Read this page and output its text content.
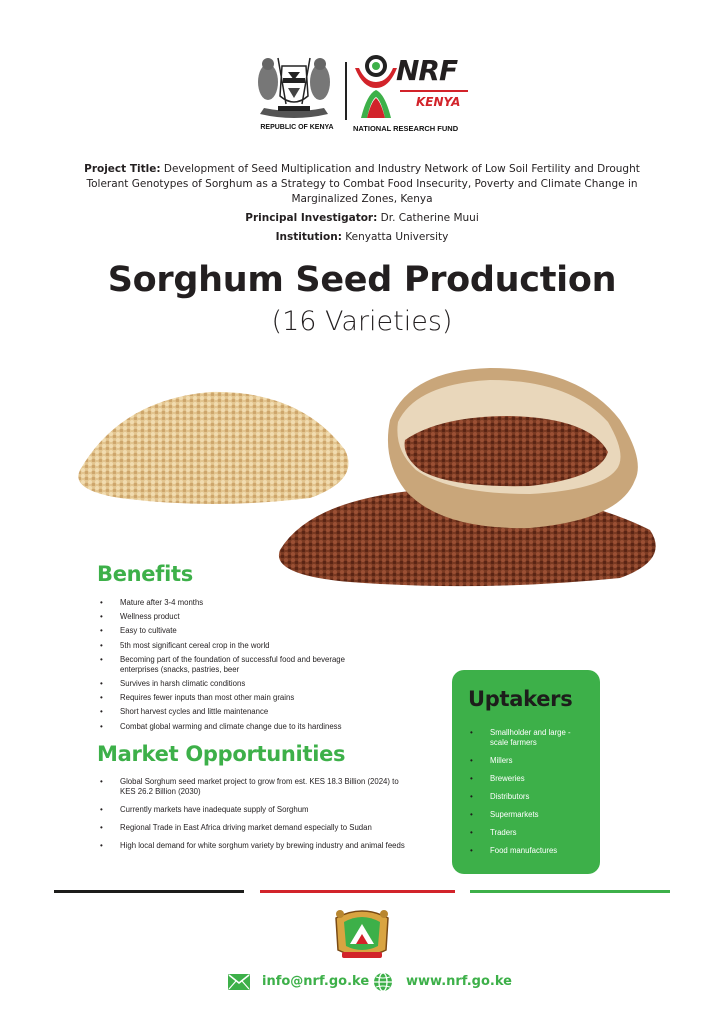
REPUBLIC OF KENYA
NRF
KENYA
NATIONAL RESEARCH FUND
Project Title: Development of Seed Multiplication and Industry Network of Low Soil Fertility and Drought Tolerant Genotypes of Sorghum as a Strategy to Combat Food Insecurity, Poverty and Climate Change in Marginalized Zones, Kenya
Principal Investigator: Dr. Catherine Muui
Institution: Kenyatta University
Sorghum Seed Production
(16 Varieties)
Benefits
• Mature after 3-4 months
• Wellness product
• Easy to cultivate
• 5th most significant cereal crop in the world
• Becoming part of the foundation of successful food and beverage enterprises (snacks, pastries, beer
• Survives in harsh climatic conditions
• Requires fewer inputs than most other main grains
• Short harvest cycles and little maintenance
• Combat global warming and climate change due to its hardiness
Market Opportunities
• Global Sorghum seed market project to grow from est. KES 18.3 Billion (2024) to KES 26.2 Billion (2030)
• Currently markets have inadequate supply of Sorghum
• Regional Trade in East Africa driving market demand especially to Sudan
• High local demand for white sorghum variety by brewing industry and animal feeds
Uptakers
• Smallholder and large - scale farmers
• Millers
• Breweries
• Distributors
• Supermarkets
• Traders
• Food manufactures
info@nrf.go.ke	www.nrf.go.ke
